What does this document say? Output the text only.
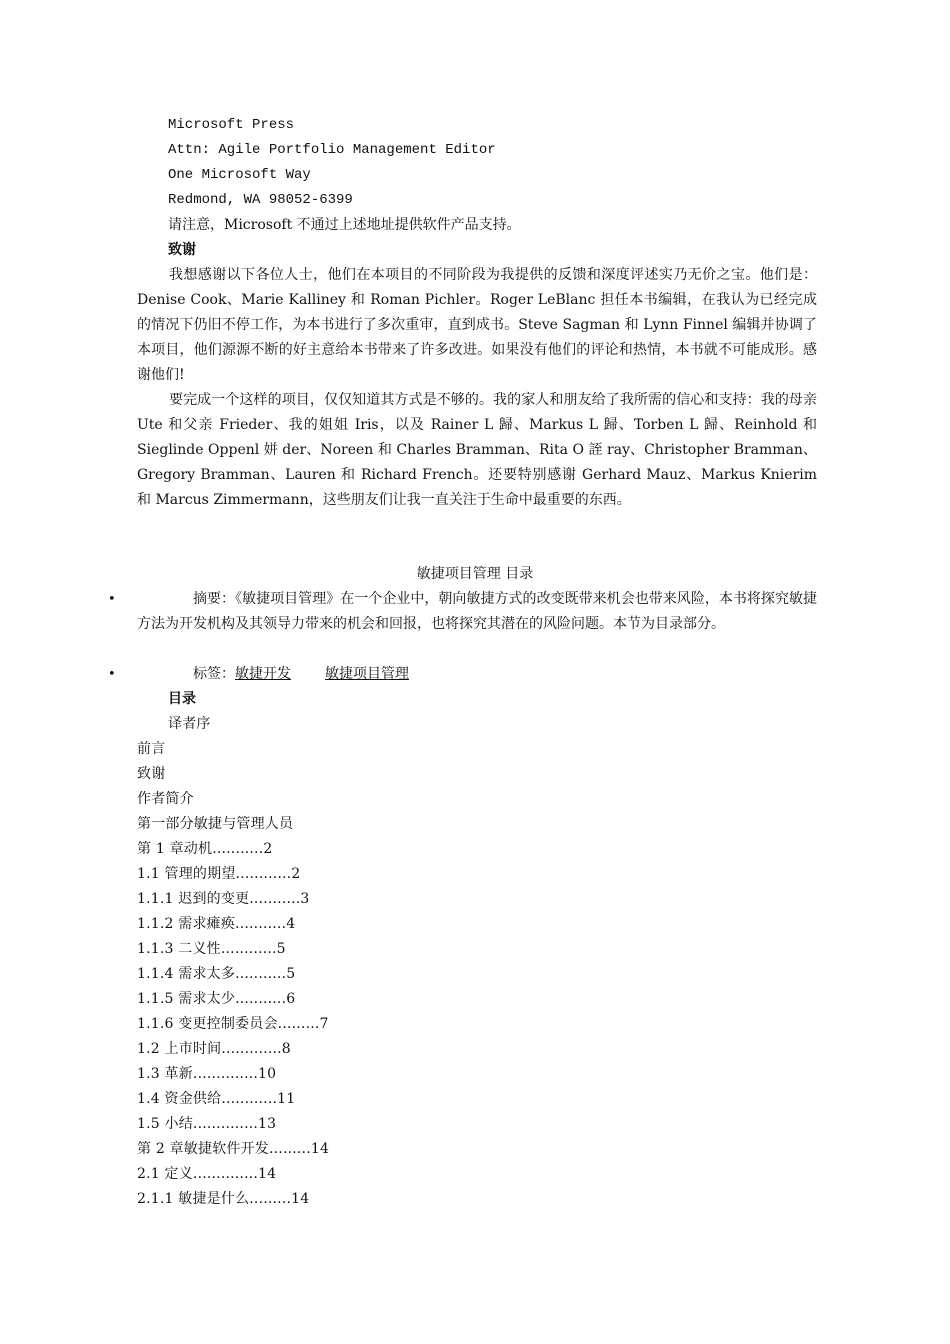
Microsoft Press
Attn: Agile Portfolio Management Editor
One Microsoft Way
Redmond, WA 98052-6399
请注意，Microsoft 不通过上述地址提供软件产品支持。
致谢
我想感谢以下各位人士，他们在本项目的不同阶段为我提供的反馈和深度评述实乃无价之宝。他们是：Denise Cook、Marie Kalliney 和 Roman Pichler。Roger LeBlanc 担任本书编辑，在我认为已经完成的情况下仍旧不停工作，为本书进行了多次重审，直到成书。Steve Sagman 和 Lynn Finnel 编辑并协调了本项目，他们源源不断的好主意给本书带来了许多改进。如果没有他们的评论和热情，本书就不可能成形。感谢他们!
要完成一个这样的项目，仅仅知道其方式是不够的。我的家人和朋友给了我所需的信心和支持：我的母亲 Ute 和父亲 Frieder、我的姐姐 Iris，以及 Rainer L 歸、Markus L 歸、Torben L 歸、Reinhold 和 Sieglinde Oppenl 姘 der、Noreen 和 Charles Bramman、Rita O 誈 ray、Christopher Bramman、Gregory Bramman、Lauren 和 Richard French。还要特别感谢 Gerhard Mauz、Markus Knierim 和 Marcus Zimmermann，这些朋友们让我一直关注于生命中最重要的东西。
敏捷项目管理 目录
•	摘要：《敏捷项目管理》在一个企业中，朝向敏捷方式的改变既带来机会也带来风险，本书将探究敏捷方法为开发机构及其领导力带来的机会和回报，也将探究其潜在的风险问题。本节为目录部分。
•	标签：敏捷开发 敏捷项目管理
目录
译者序
前言
致谢
作者简介
第一部分敏捷与管理人员
第 1 章动机...........2
1.1 管理的期望............2
1.1.1 迟到的变更...........3
1.1.2 需求瘫痪...........4
1.1.3 二义性............5
1.1.4 需求太多...........5
1.1.5 需求太少...........6
1.1.6 变更控制委员会.........7
1.2 上市时间.............8
1.3 革新..............10
1.4 资金供给............11
1.5 小结..............13
第 2 章敏捷软件开发.........14
2.1 定义..............14
2.1.1 敏捷是什么.........14
